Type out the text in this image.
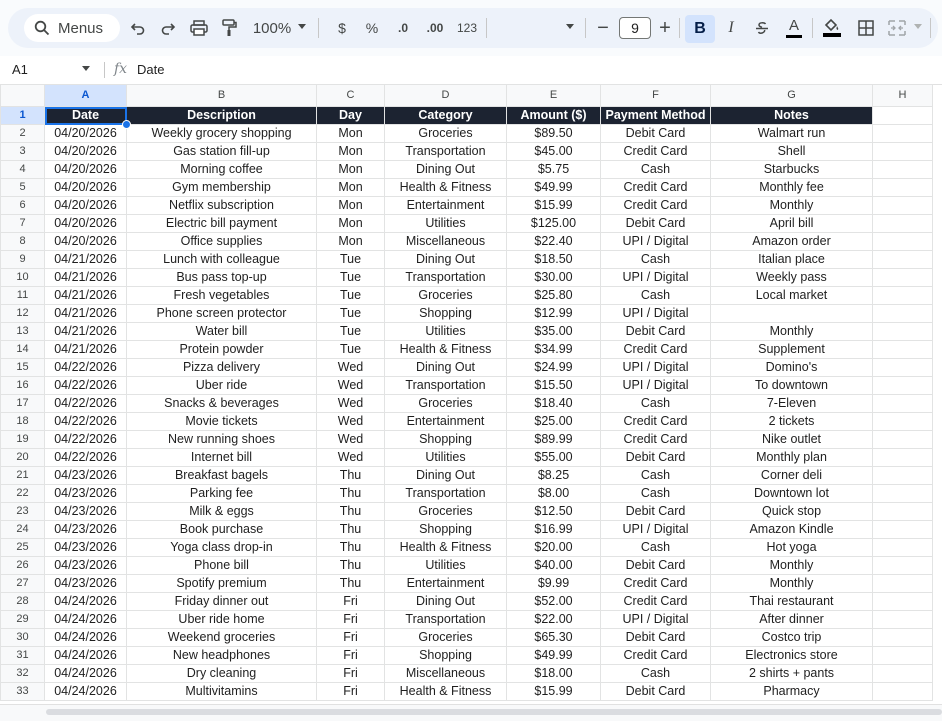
Menus	100%	$	%	.0 .00 123	−	9	+	B	I	A
A1	fx Date
	A	B	C	D	E	F	G	H
1	Date	Description	Day	Category	Amount ($)	Payment Method	Notes	
2	04/20/2026	Weekly grocery shopping	Mon	Groceries	$89.50	Debit Card	Walmart run	
3	04/20/2026	Gas station fill-up	Mon	Transportation	$45.00	Credit Card	Shell	
4	04/20/2026	Morning coffee	Mon	Dining Out	$5.75	Cash	Starbucks	
5	04/20/2026	Gym membership	Mon	Health & Fitness	$49.99	Credit Card	Monthly fee	
6	04/20/2026	Netflix subscription	Mon	Entertainment	$15.99	Credit Card	Monthly	
7	04/20/2026	Electric bill payment	Mon	Utilities	$125.00	Debit Card	April bill	
8	04/20/2026	Office supplies	Mon	Miscellaneous	$22.40	UPI / Digital	Amazon order	
9	04/21/2026	Lunch with colleague	Tue	Dining Out	$18.50	Cash	Italian place	
10	04/21/2026	Bus pass top-up	Tue	Transportation	$30.00	UPI / Digital	Weekly pass	
11	04/21/2026	Fresh vegetables	Tue	Groceries	$25.80	Cash	Local market	
12	04/21/2026	Phone screen protector	Tue	Shopping	$12.99	UPI / Digital		
13	04/21/2026	Water bill	Tue	Utilities	$35.00	Debit Card	Monthly	
14	04/21/2026	Protein powder	Tue	Health & Fitness	$34.99	Credit Card	Supplement	
15	04/22/2026	Pizza delivery	Wed	Dining Out	$24.99	UPI / Digital	Domino's	
16	04/22/2026	Uber ride	Wed	Transportation	$15.50	UPI / Digital	To downtown	
17	04/22/2026	Snacks & beverages	Wed	Groceries	$18.40	Cash	7-Eleven	
18	04/22/2026	Movie tickets	Wed	Entertainment	$25.00	Credit Card	2 tickets	
19	04/22/2026	New running shoes	Wed	Shopping	$89.99	Credit Card	Nike outlet	
20	04/22/2026	Internet bill	Wed	Utilities	$55.00	Debit Card	Monthly plan	
21	04/23/2026	Breakfast bagels	Thu	Dining Out	$8.25	Cash	Corner deli	
22	04/23/2026	Parking fee	Thu	Transportation	$8.00	Cash	Downtown lot	
23	04/23/2026	Milk & eggs	Thu	Groceries	$12.50	Debit Card	Quick stop	
24	04/23/2026	Book purchase	Thu	Shopping	$16.99	UPI / Digital	Amazon Kindle	
25	04/23/2026	Yoga class drop-in	Thu	Health & Fitness	$20.00	Cash	Hot yoga	
26	04/23/2026	Phone bill	Thu	Utilities	$40.00	Debit Card	Monthly	
27	04/23/2026	Spotify premium	Thu	Entertainment	$9.99	Credit Card	Monthly	
28	04/24/2026	Friday dinner out	Fri	Dining Out	$52.00	Credit Card	Thai restaurant	
29	04/24/2026	Uber ride home	Fri	Transportation	$22.00	UPI / Digital	After dinner	
30	04/24/2026	Weekend groceries	Fri	Groceries	$65.30	Debit Card	Costco trip	
31	04/24/2026	New headphones	Fri	Shopping	$49.99	Credit Card	Electronics store	
32	04/24/2026	Dry cleaning	Fri	Miscellaneous	$18.00	Cash	2 shirts + pants	
33	04/24/2026	Multivitamins	Fri	Health & Fitness	$15.99	Debit Card	Pharmacy	
